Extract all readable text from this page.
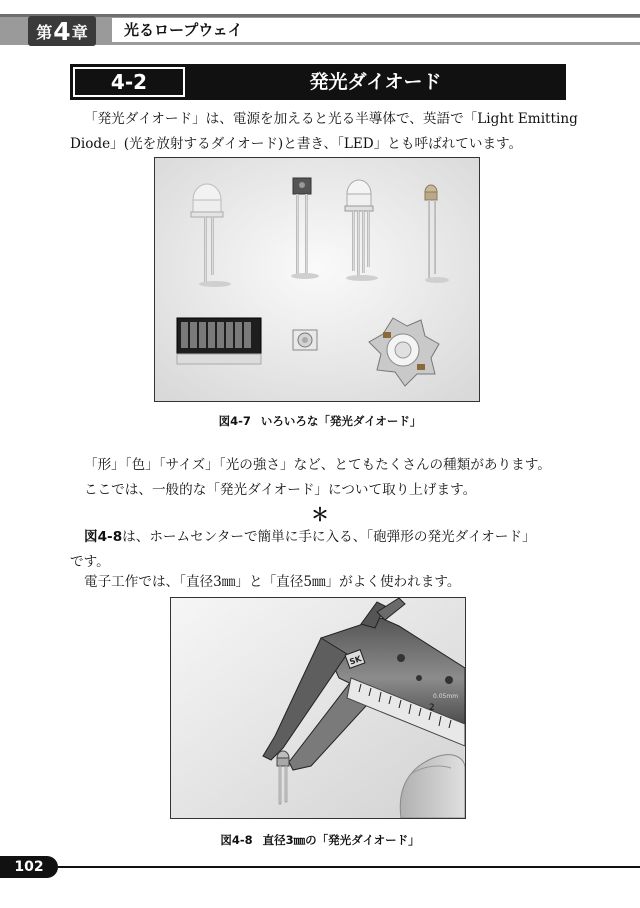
第 4 章	光るロープウェイ
4-2	発光ダイオード
「発光ダイオード」は、電源を加えると光る半導体で、英語で「Light Emitting
Diode」(光を放射するダイオード)と書き、「LED」とも呼ばれています。
図4-7 いろいろな「発光ダイオード」
「形」「色」「サイズ」「光の強さ」など、とてもたくさんの種類があります。
ここでは、一般的な「発光ダイオード」について取り上げます。
＊
図4-8は、ホームセンターで簡単に手に入る、「砲弾形の発光ダイオード」
です。
電子工作では、「直径3㎜」と「直径5㎜」がよく使われます。
2
0.05mm
SK
図4-8 直径3㎜の「発光ダイオード」
102
